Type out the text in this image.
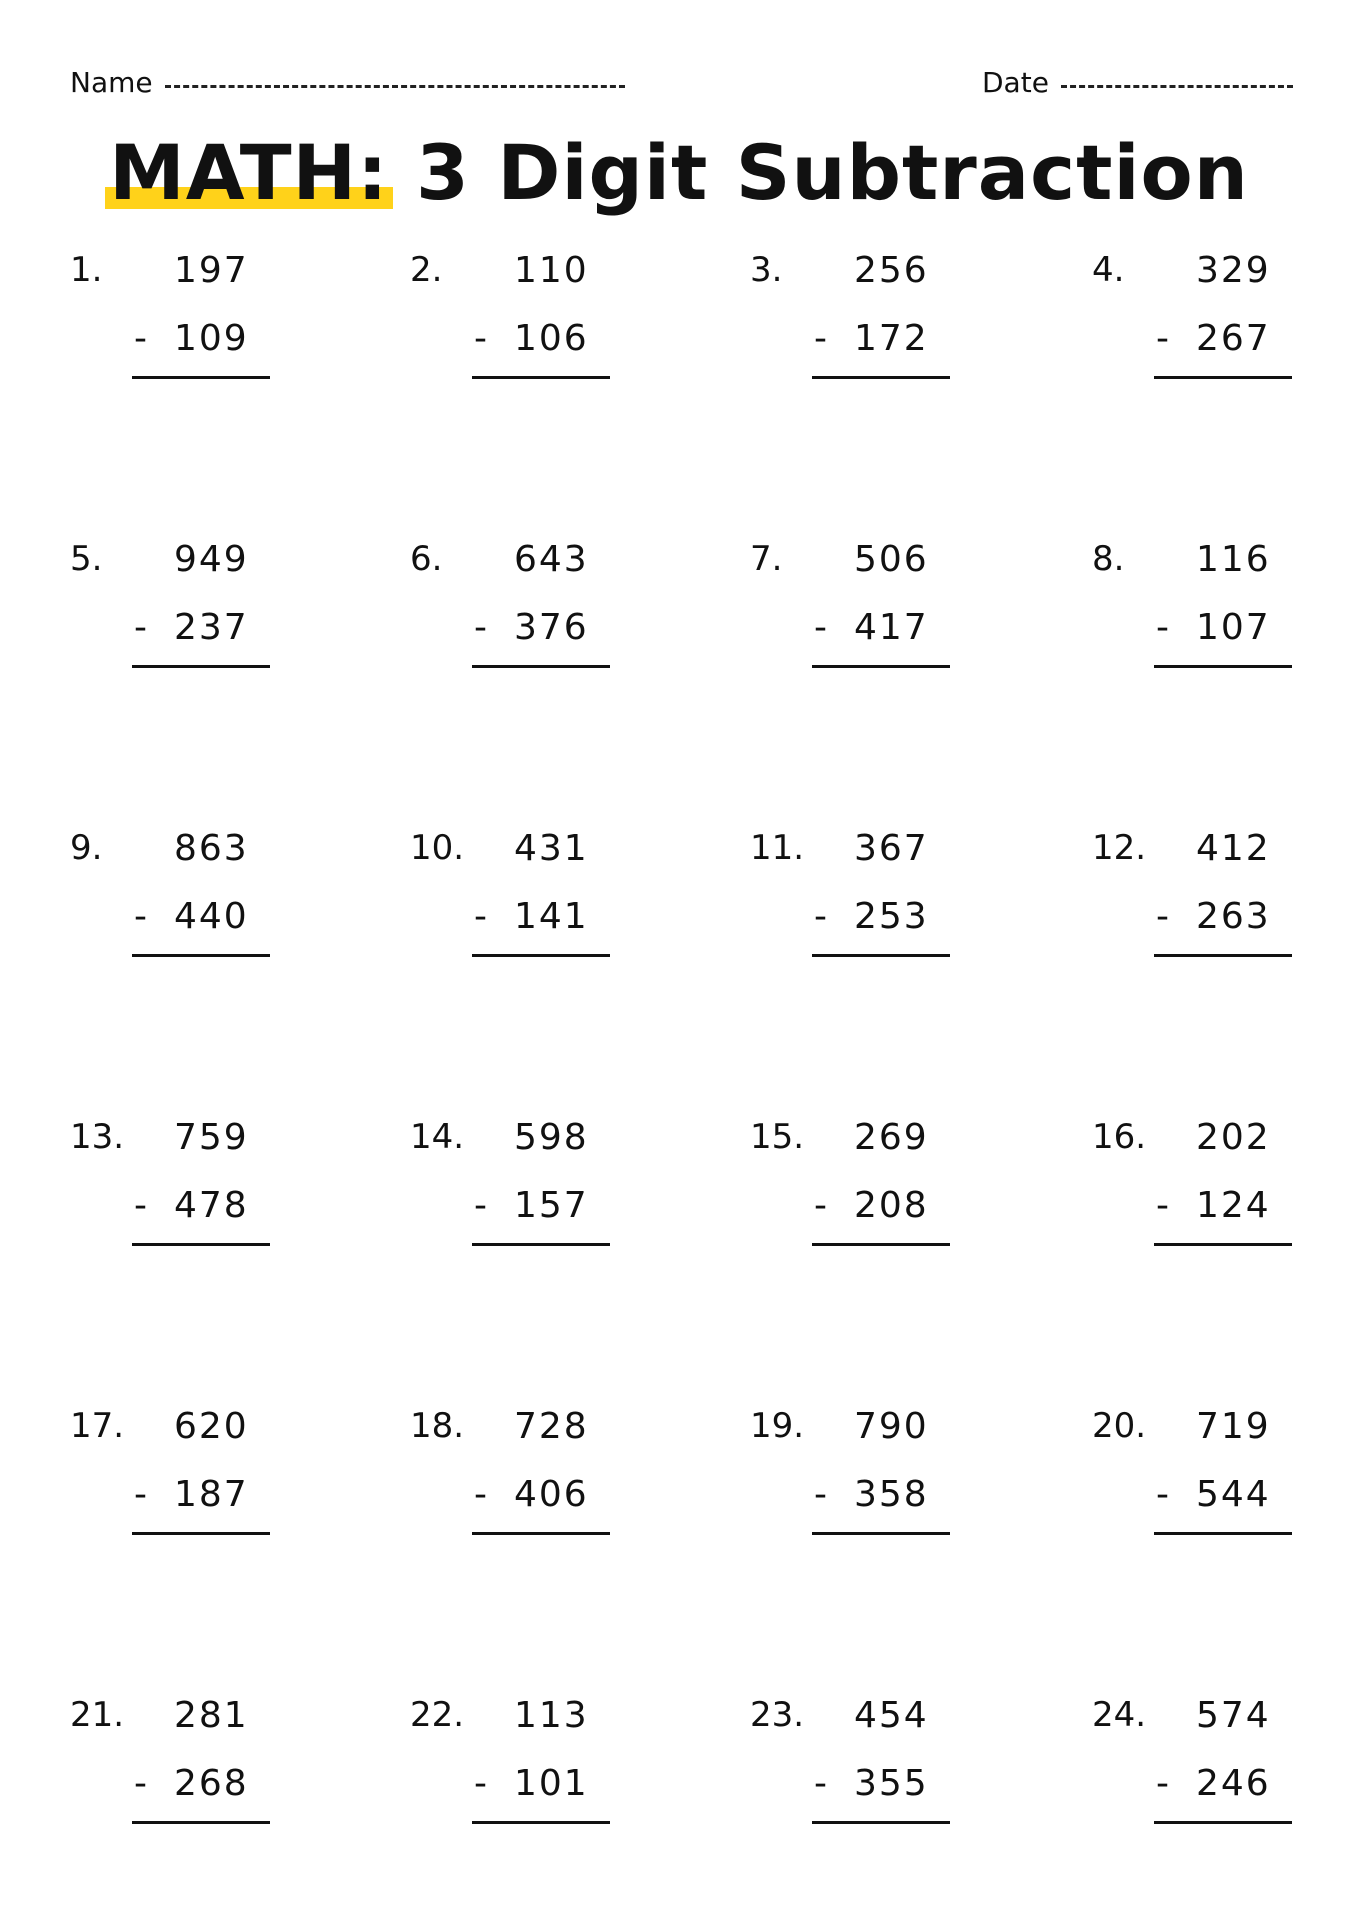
Name	Date
MATH: 3 Digit Subtraction
1. 197
- 109
2. 110
- 106
3. 256
- 172
4. 329
- 267
5. 949
- 237
6. 643
- 376
7. 506
- 417
8. 116
- 107
9. 863
- 440
10. 431
- 141
11. 367
- 253
12. 412
- 263
13. 759
- 478
14. 598
- 157
15. 269
- 208
16. 202
- 124
17. 620
- 187
18. 728
- 406
19. 790
- 358
20. 719
- 544
21. 281
- 268
22. 113
- 101
23. 454
- 355
24. 574
- 246
